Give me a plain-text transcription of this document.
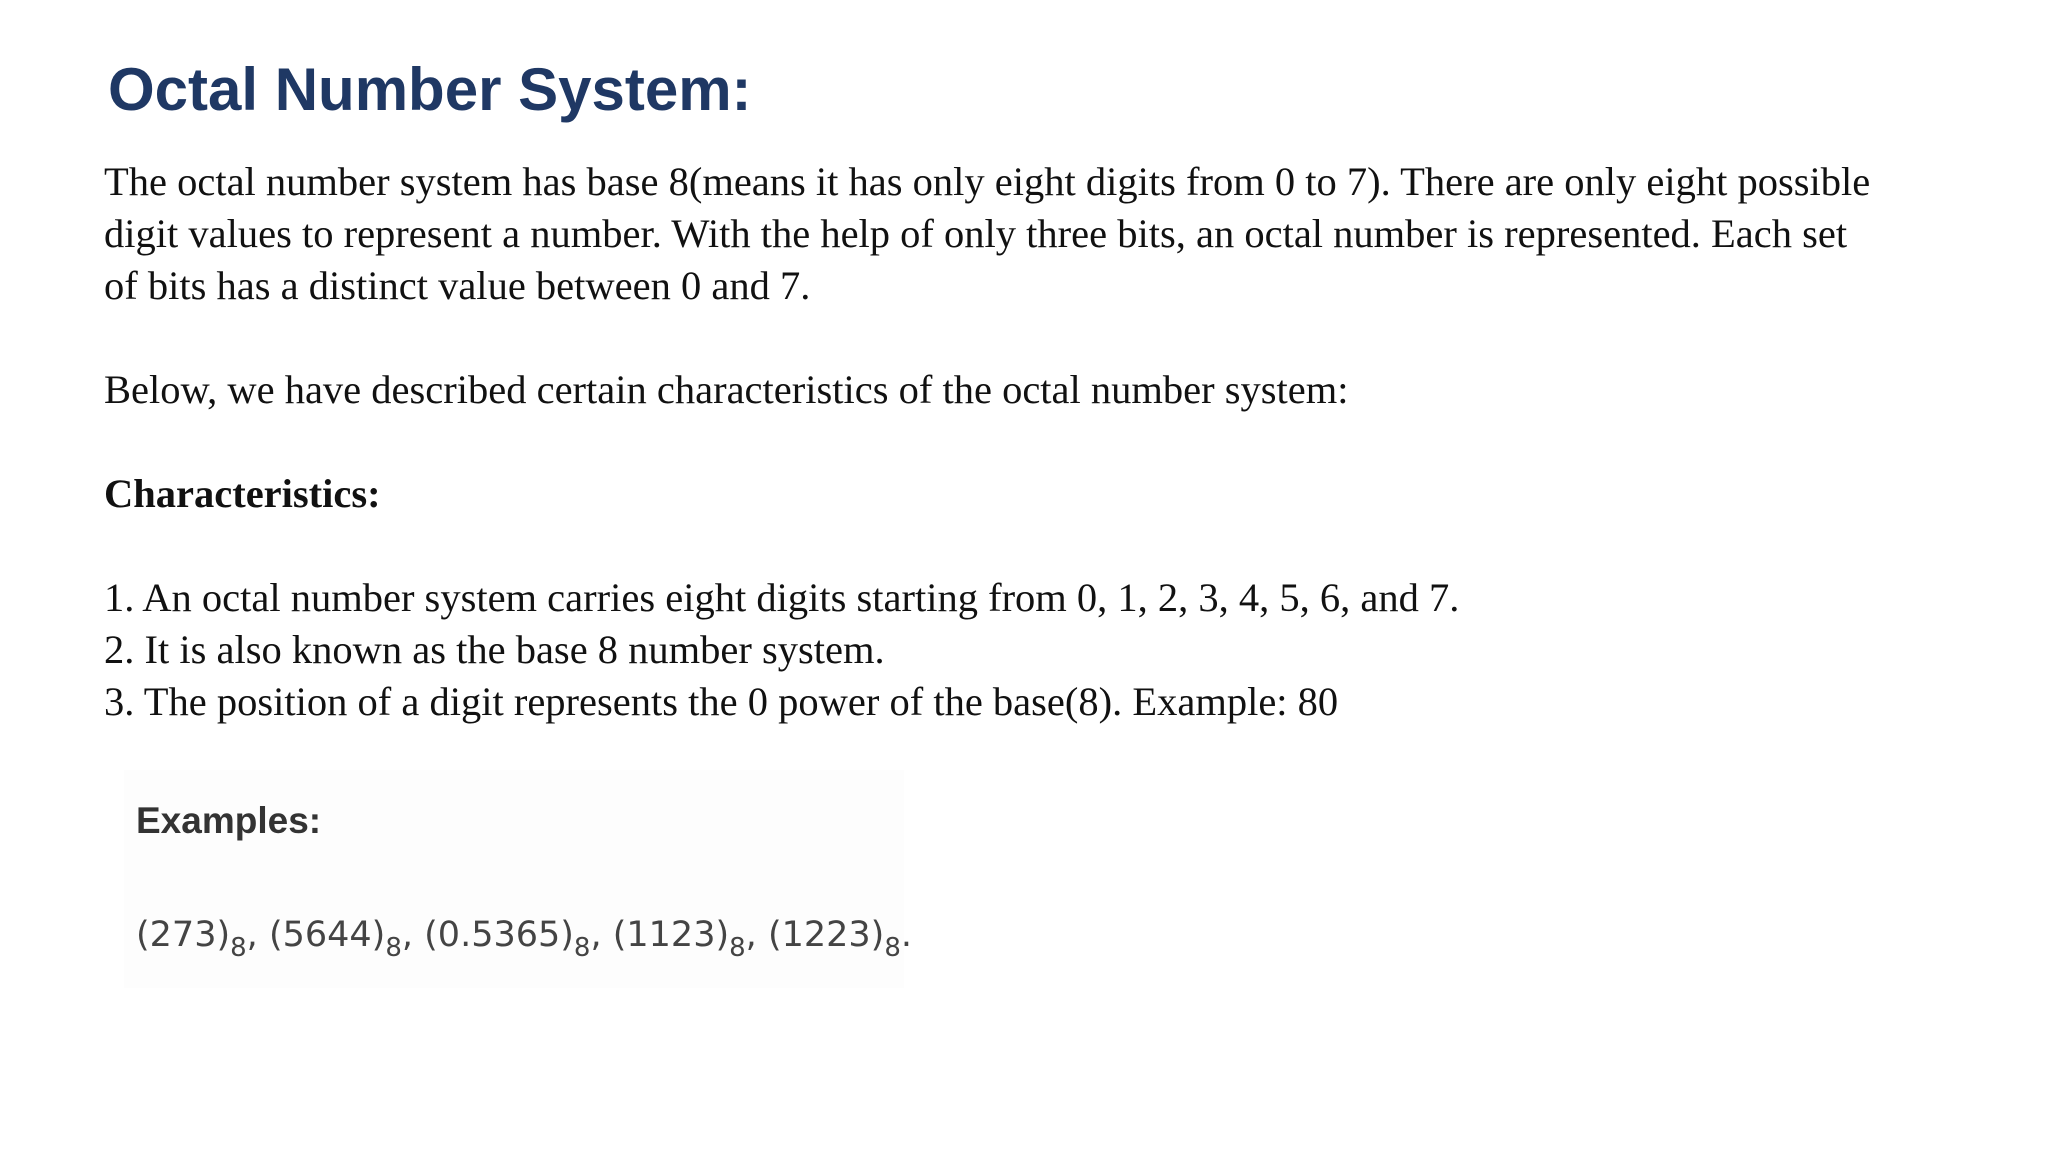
Octal Number System:

The octal number system has base 8(means it has only eight digits from 0 to 7). There are only eight possible
digit values to represent a number. With the help of only three bits, an octal number is represented. Each set
of bits has a distinct value between 0 and 7.

Below, we have described certain characteristics of the octal number system:

Characteristics:

1. An octal number system carries eight digits starting from 0, 1, 2, 3, 4, 5, 6, and 7.
2. It is also known as the base 8 number system.
3. The position of a digit represents the 0 power of the base(8). Example: 80

Examples:

$(273)_8$, $(5644)_8$, $(0.5365)_8$, $(1123)_8$, $(1223)_8$.
